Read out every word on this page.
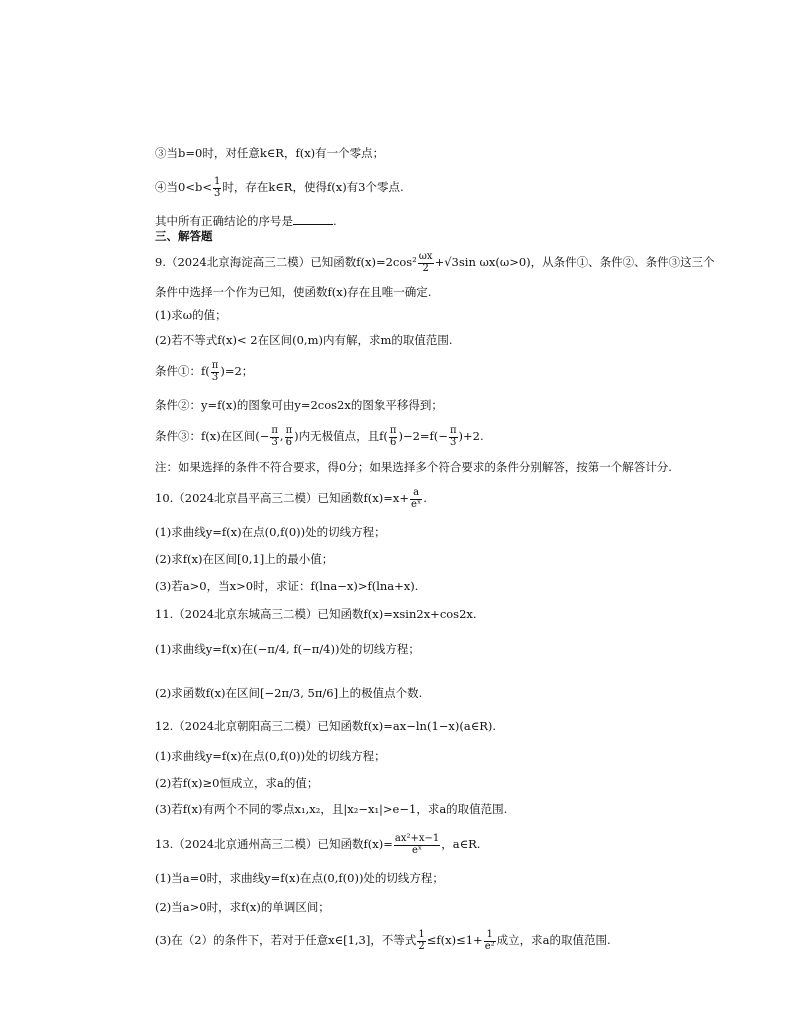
③当b=0时，对任意k∈R，f(x)有一个零点；
④当$0<b< \frac{1}{3}$ 时，存在k∈R，使得f(x)有3个零点.
其中所有正确结论的序号是	.
三、解答题
9.（2024北京海淀高三二模）已知函数$f(x)=2\cos^2 \frac{\omega x}{2} +√3\sin$ ωx(ω>0)，从条件①、条件②、条件③这三个
条件中选择一个作为已知，使函数f(x)存在且唯一确定.
(1)求ω的值；
(2)若不等式f(x)< 2在区间(0,m)内有解，求m的取值范围.
条件①：$f( \frac{\pi}{3} )=2$；
条件②：y=f(x)的图象可由y=2cos2x的图象平移得到；
条件③：f(x)在区间(− $\frac{\pi}{3}$ , $\frac{\pi}{6}$ )内无极值点，且$f( \frac{\pi}{6} )-2=f(- \frac{\pi}{3} )+2$.
注：如果选择的条件不符合要求，得0分；如果选择多个符合要求的条件分别解答，按第一个解答计分.
10.（2024北京昌平高三二模）已知函数$f(x)=x+ \frac{a}{\text{eˣ}}$ .
(1)求曲线y=f(x)在点(0,f(0))处的切线方程；
(2)求f(x)在区间[0,1]上的最小值；
(3)若a>0，当x>0时，求证：f(lna−x)>f(lna+x).
11.（2024北京东城高三二模）已知函数f(x)=xsin2x+cos2x.
(1)求曲线y=f(x)在(−π/4, f(−π/4))处的切线方程；
(2)求函数f(x)在区间[−2π/3, 5π/6]上的极值点个数.
12.（2024北京朝阳高三二模）已知函数f(x)=ax−ln(1−x)(a∈R).
(1)求曲线y=f(x)在点(0,f(0))处的切线方程；
(2)若f(x)≥0恒成立，求a的值；
(3)若f(x)有两个不同的零点x₁,x₂，且|x₂−x₁|>e−1，求a的取值范围.
13.（2024北京通州高三二模）已知函数$f(x)= \frac{\text{ax²+x−1}}{\text{eˣ}}$ ，a∈R.
(1)当a=0时，求曲线y=f(x)在点(0,f(0))处的切线方程；
(2)当a>0时，求f(x)的单调区间；
(3)在（2）的条件下，若对于任意x∈[1,3]，不等式 $\frac{1}{2} \le f(x)\le 1+ \frac{1}{\text{e²}}$ 成立，求a的取值范围.
